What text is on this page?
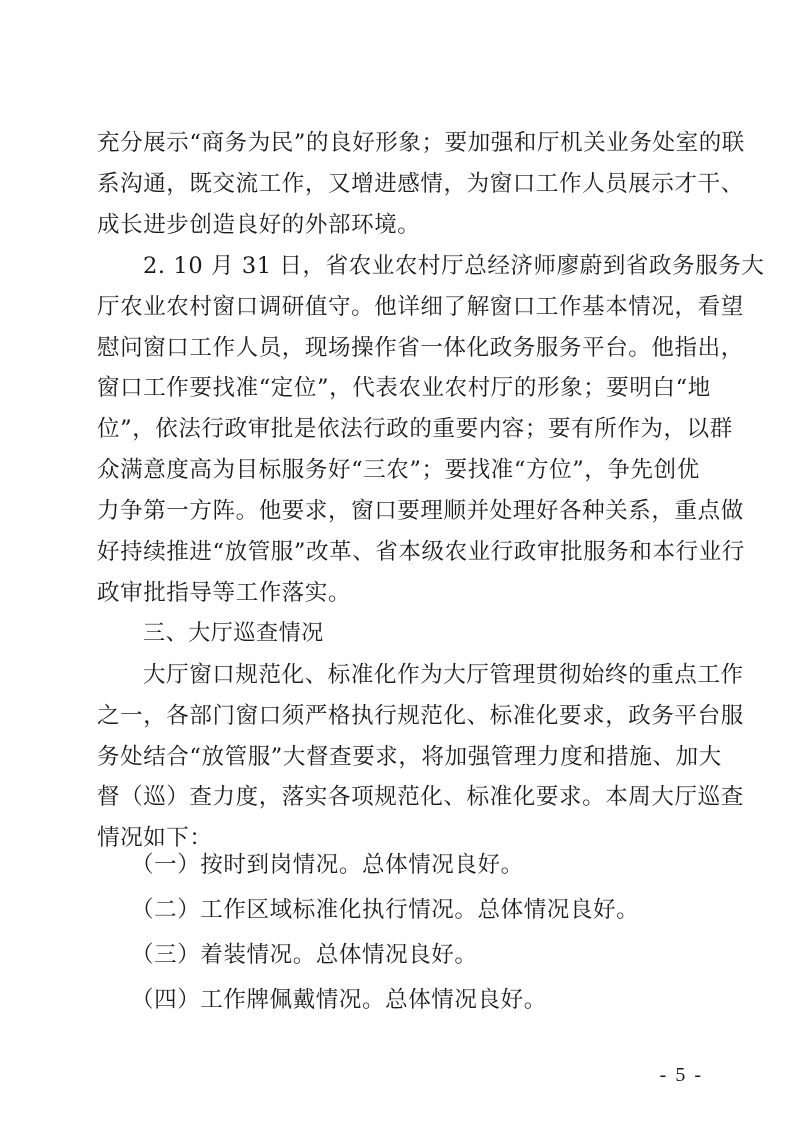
充分展示“商务为民”的良好形象；要加强和厅机关业务处室的联
系沟通，既交流工作，又增进感情，为窗口工作人员展示才干、
成长进步创造良好的外部环境。
2. 10 月 31 日，省农业农村厅总经济师廖蔚到省政务服务大
厅农业农村窗口调研值守。他详细了解窗口工作基本情况，看望
慰问窗口工作人员，现场操作省一体化政务服务平台。他指出，
窗口工作要找准“定位”，代表农业农村厅的形象；要明白“地
位”，依法行政审批是依法行政的重要内容；要有所作为，以群
众满意度高为目标服务好“三农”；要找准“方位”，争先创优
力争第一方阵。他要求，窗口要理顺并处理好各种关系，重点做
好持续推进“放管服”改革、省本级农业行政审批服务和本行业行
政审批指导等工作落实。
三、大厅巡查情况
大厅窗口规范化、标准化作为大厅管理贯彻始终的重点工作
之一，各部门窗口须严格执行规范化、标准化要求，政务平台服
务处结合“放管服”大督查要求，将加强管理力度和措施、加大
督（巡）查力度，落实各项规范化、标准化要求。本周大厅巡查
情况如下：
- 5 -
（一）按时到岗情况。总体情况良好。
（二）工作区域标准化执行情况。总体情况良好。
（三）着装情况。总体情况良好。
（四）工作牌佩戴情况。总体情况良好。
